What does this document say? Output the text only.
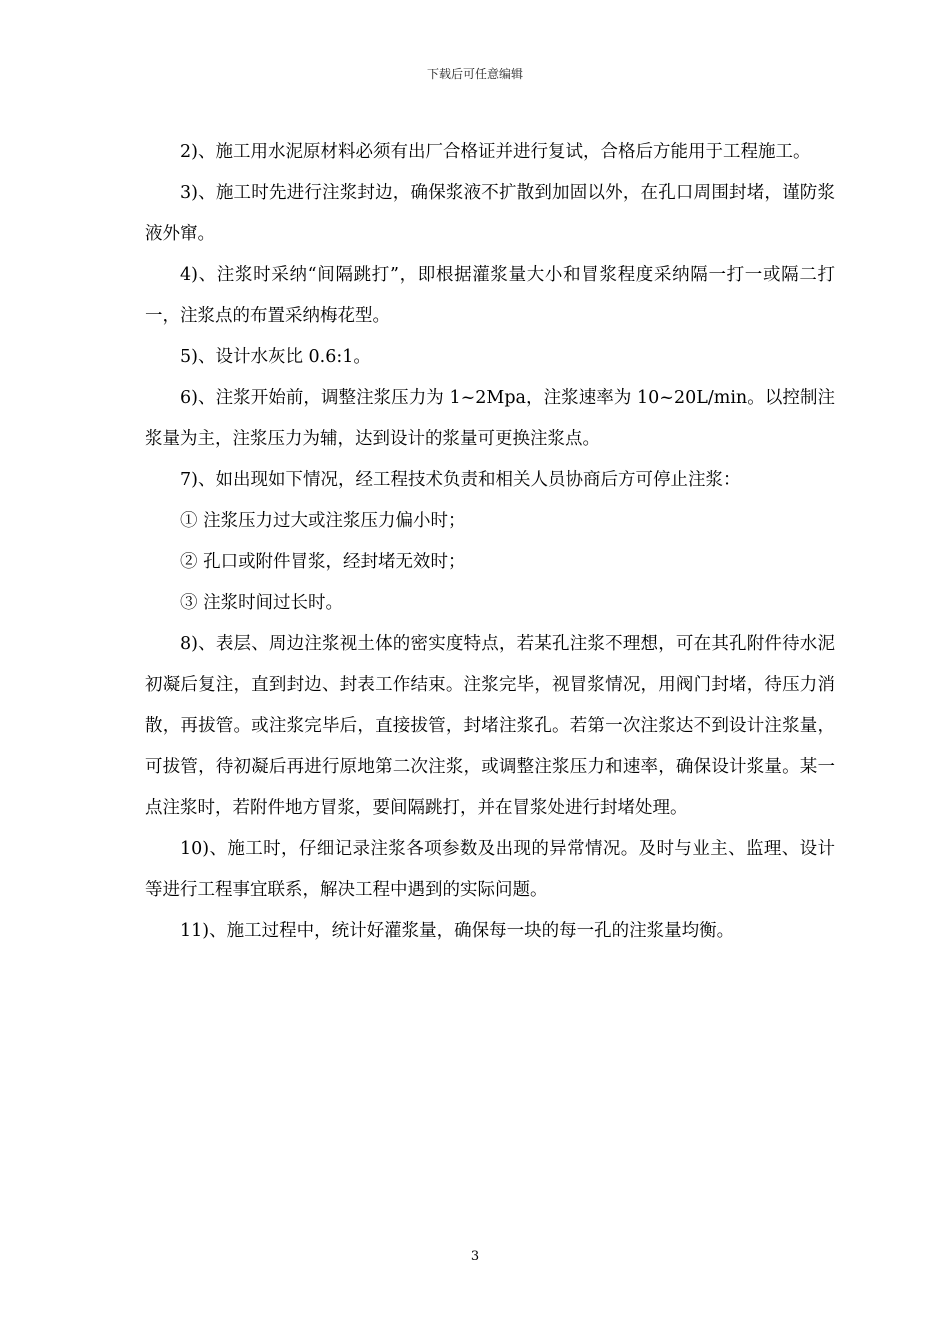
下载后可任意编辑

2)、施工用水泥原材料必须有出厂合格证并进行复试，合格后方能用于工程施工。

3)、施工时先进行注浆封边，确保浆液不扩散到加固以外，在孔口周围封堵，谨防浆液外窜。

4)、注浆时采纳“间隔跳打”，即根据灌浆量大小和冒浆程度采纳隔一打一或隔二打一，注浆点的布置采纳梅花型。

5)、设计水灰比 0.6:1。

6)、注浆开始前，调整注浆压力为 1~2Mpa，注浆速率为 10~20L/min。以控制注浆量为主，注浆压力为辅，达到设计的浆量可更换注浆点。

7)、如出现如下情况，经工程技术负责和相关人员协商后方可停止注浆：

① 注浆压力过大或注浆压力偏小时；

② 孔口或附件冒浆，经封堵无效时；

③ 注浆时间过长时。

8)、表层、周边注浆视土体的密实度特点，若某孔注浆不理想，可在其孔附件待水泥初凝后复注，直到封边、封表工作结束。注浆完毕，视冒浆情况，用阀门封堵，待压力消散，再拔管。或注浆完毕后，直接拔管，封堵注浆孔。若第一次注浆达不到设计注浆量，可拔管，待初凝后再进行原地第二次注浆，或调整注浆压力和速率，确保设计浆量。某一点注浆时，若附件地方冒浆，要间隔跳打，并在冒浆处进行封堵处理。

10)、施工时，仔细记录注浆各项参数及出现的异常情况。及时与业主、监理、设计等进行工程事宜联系，解决工程中遇到的实际问题。

11)、施工过程中，统计好灌浆量，确保每一块的每一孔的注浆量均衡。

3
